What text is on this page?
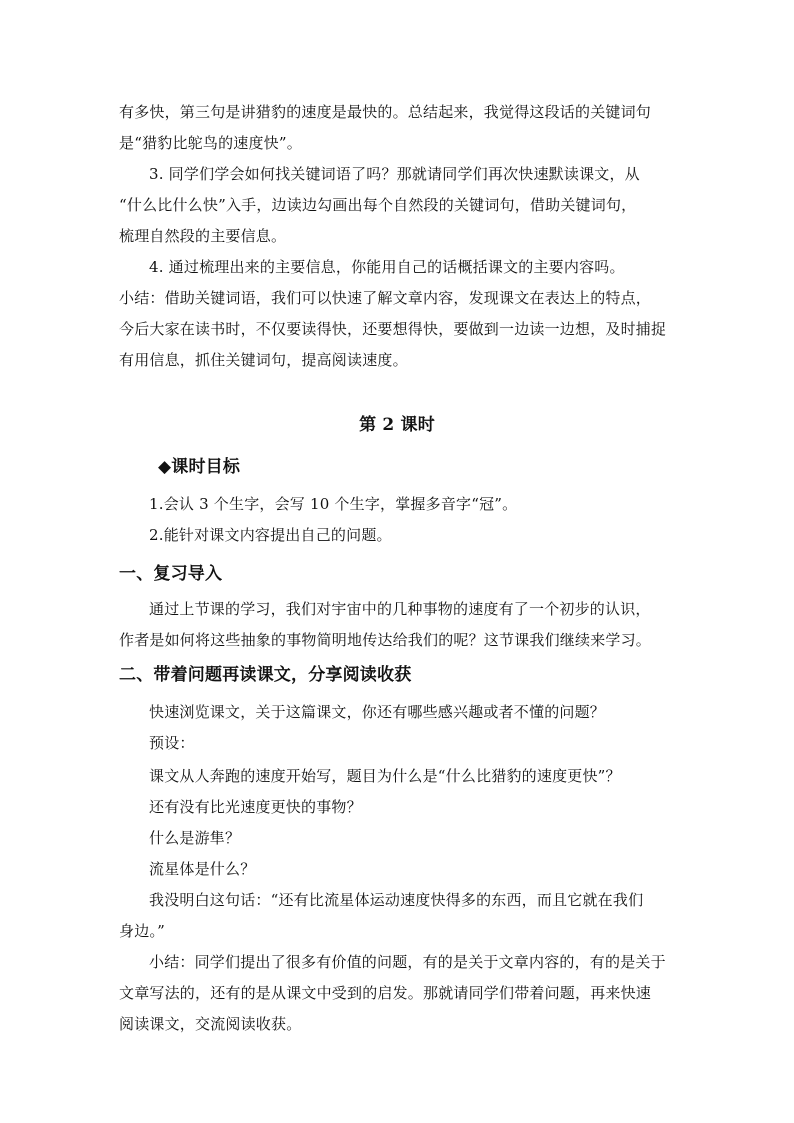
有多快，第三句是讲猎豹的速度是最快的。总结起来，我觉得这段话的关键词句
是“猎豹比鸵鸟的速度快”。
3. 同学们学会如何找关键词语了吗？那就请同学们再次快速默读课文，从
“什么比什么快”入手，边读边勾画出每个自然段的关键词句，借助关键词句，
梳理自然段的主要信息。
4. 通过梳理出来的主要信息，你能用自己的话概括课文的主要内容吗。
小结：借助关键词语，我们可以快速了解文章内容，发现课文在表达上的特点，
今后大家在读书时，不仅要读得快，还要想得快，要做到一边读一边想，及时捕捉
有用信息，抓住关键词句，提高阅读速度。
第 2 课时
◆课时目标
1.会认 3 个生字，会写 10 个生字，掌握多音字“冠”。
2.能针对课文内容提出自己的问题。
一、复习导入
通过上节课的学习，我们对宇宙中的几种事物的速度有了一个初步的认识，
作者是如何将这些抽象的事物简明地传达给我们的呢？这节课我们继续来学习。
二、带着问题再读课文，分享阅读收获
快速浏览课文，关于这篇课文，你还有哪些感兴趣或者不懂的问题？
预设：
课文从人奔跑的速度开始写，题目为什么是“什么比猎豹的速度更快”？
还有没有比光速度更快的事物？
什么是游隼？
流星体是什么？
我没明白这句话：“还有比流星体运动速度快得多的东西，而且它就在我们
身边。”
小结：同学们提出了很多有价值的问题，有的是关于文章内容的，有的是关于
文章写法的，还有的是从课文中受到的启发。那就请同学们带着问题，再来快速
阅读课文，交流阅读收获。
